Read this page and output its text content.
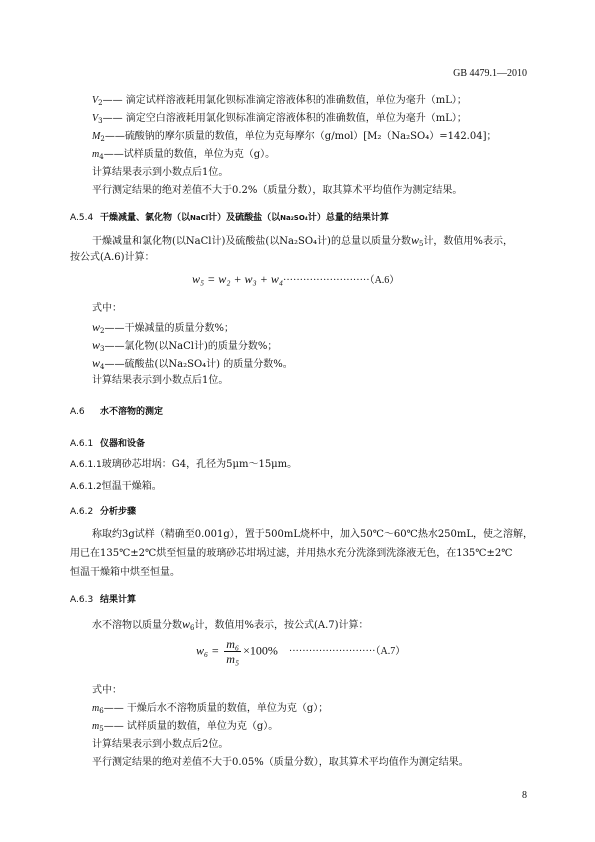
GB 4479.1—2010
$V_2——$ 滴定试样溶液耗用氯化钡标准滴定溶液体积的准确数值，单位为毫升（mL）；
$V_3——$ 滴定空白溶液耗用氯化钡标准滴定溶液体积的准确数值，单位为毫升（mL）；
$M_2——$硫酸钠的摩尔质量的数值，单位为克每摩尔（g/mol）[M₂（Na₂SO₄）=142.04]；
$m_4——$试样质量的数值，单位为克（g）。
计算结果表示到小数点后1位。
平行测定结果的绝对差值不大于0.2%（质量分数），取其算术平均值作为测定结果。
A.5.4 干燥减量、氯化物（以NaCl计）及硫酸盐（以Na₂SO₄计）总量的结果计算
干燥减量和氯化物(以NaCl计)及硫酸盐(以Na₂SO₄计)的总量以质量分数$w_5$计，数值用%表示，
按公式(A.6)计算：
w₅ = w₂ + w₃ + w₄··························（A.6）
式中：
$w_2——$干燥减量的质量分数%；
$w_3——$氯化物(以NaCl计)的质量分数%；
$w_4——$硫酸盐(以Na₂SO₄计) 的质量分数%。
计算结果表示到小数点后1位。
A.6 水不溶物的测定
A.6.1 仪器和设备
A.6.1.1玻璃砂芯坩埚：G4，孔径为5μm～15μm。
A.6.1.2恒温干燥箱。
A.6.2 分析步骤
称取约3g试样（精确至0.001g），置于500mL烧杯中，加入50℃～60℃热水250mL，使之溶解，
用已在135℃±2℃烘至恒量的玻璃砂芯坩埚过滤，并用热水充分洗涤到洗涤液无色，在135℃±2℃
恒温干燥箱中烘至恒量。
A.6.3 结果计算
水不溶物以质量分数$w_6$计，数值用%表示，按公式(A.7)计算：
$w_6 = \frac{\text{m₆}}{\text{m₅}} \times 100\% \cdot\cdot\cdot\cdot\cdot\cdot\cdot\cdot\cdot\cdot\cdot\cdot\cdot\cdot\cdot\cdot\cdot\cdot\cdot\cdot\cdot\cdot\cdot\cdot\cdot\cdot(A.7)$
式中：
$m_6——$ 干燥后水不溶物质量的数值，单位为克（g）；
$m_5——$ 试样质量的数值，单位为克（g）。
计算结果表示到小数点后2位。
平行测定结果的绝对差值不大于0.05%（质量分数），取其算术平均值作为测定结果。
8
